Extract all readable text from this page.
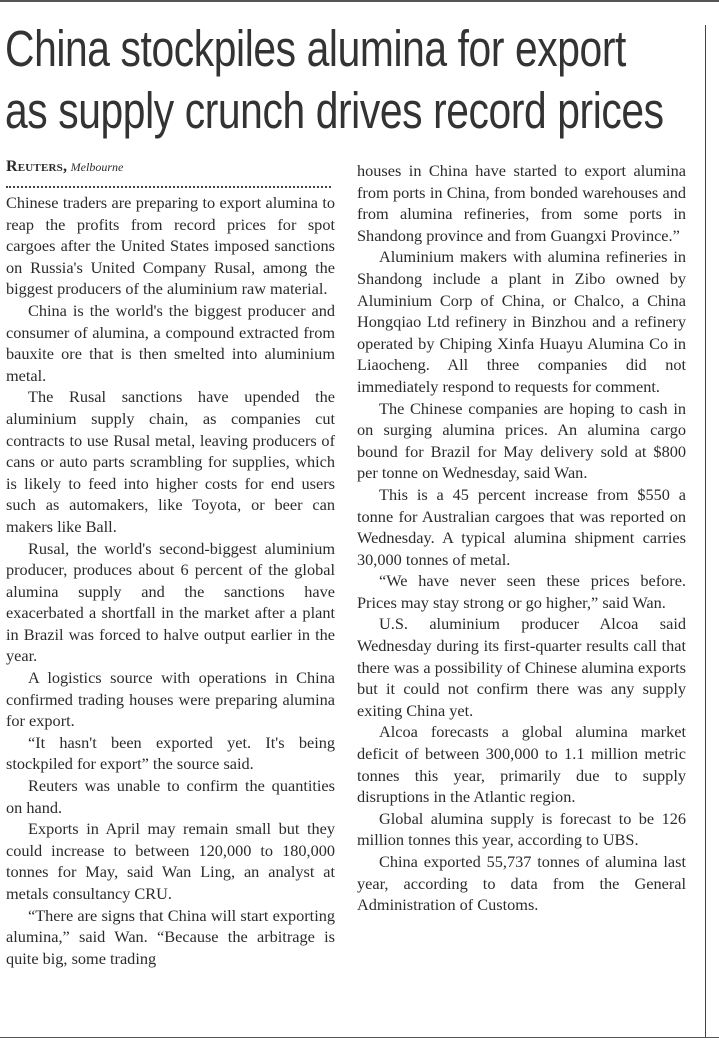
China stockpiles alumina for export
as supply crunch drives record prices
Reuters, Melbourne

Chinese traders are preparing to export alumina to reap the profits from record prices for spot cargoes after the United States imposed sanctions on Russia's United Company Rusal, among the biggest producers of the aluminium raw material.

China is the world's the biggest producer and consumer of alumina, a compound extracted from bauxite ore that is then smelted into aluminium metal.

The Rusal sanctions have upended the aluminium supply chain, as companies cut contracts to use Rusal metal, leaving producers of cans or auto parts scrambling for supplies, which is likely to feed into higher costs for end users such as automakers, like Toyota, or beer can makers like Ball.

Rusal, the world's second-biggest aluminium producer, produces about 6 percent of the global alumina supply and the sanctions have exacerbated a shortfall in the market after a plant in Brazil was forced to halve output earlier in the year.

A logistics source with operations in China confirmed trading houses were preparing alumina for export.

“It hasn't been exported yet. It's being stockpiled for export” the source said.

Reuters was unable to confirm the quantities on hand.

Exports in April may remain small but they could increase to between 120,000 to 180,000 tonnes for May, said Wan Ling, an analyst at metals consultancy CRU.

“There are signs that China will start exporting alumina,” said Wan. “Because the arbitrage is quite big, some trading

houses in China have started to export alumina from ports in China, from bonded warehouses and from alumina refineries, from some ports in Shandong province and from Guangxi Province.”

Aluminium makers with alumina refineries in Shandong include a plant in Zibo owned by Aluminium Corp of China, or Chalco, a China Hongqiao Ltd refinery in Binzhou and a refinery operated by Chiping Xinfa Huayu Alumina Co in Liaocheng. All three companies did not immediately respond to requests for comment.

The Chinese companies are hoping to cash in on surging alumina prices. An alumina cargo bound for Brazil for May delivery sold at $800 per tonne on Wednesday, said Wan.

This is a 45 percent increase from $550 a tonne for Australian cargoes that was reported on Wednesday. A typical alumina shipment carries 30,000 tonnes of metal.

“We have never seen these prices before. Prices may stay strong or go higher,” said Wan.

U.S. aluminium producer Alcoa said Wednesday during its first-quarter results call that there was a possibility of Chinese alumina exports but it could not confirm there was any supply exiting China yet.

Alcoa forecasts a global alumina market deficit of between 300,000 to 1.1 million metric tonnes this year, primarily due to supply disruptions in the Atlantic region.

Global alumina supply is forecast to be 126 million tonnes this year, according to UBS.

China exported 55,737 tonnes of alumina last year, according to data from the General Administration of Customs.
